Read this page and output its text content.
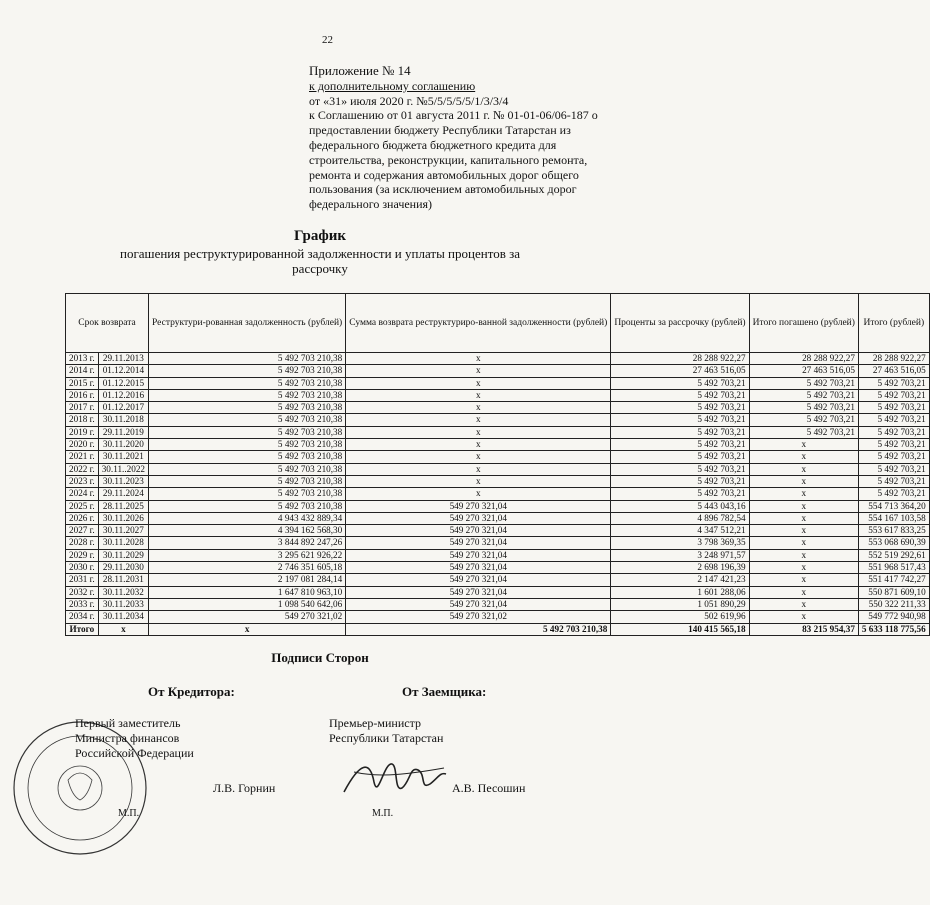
22
Приложение № 14
к дополнительному соглашению
от «31» июля 2020 г. №5/5/5/5/5/1/3/3/4
к Соглашению от 01 августа 2011 г. № 01-01-06/06-187 о предоставлении бюджету Республики Татарстан из федерального бюджета бюджетного кредита для строительства, реконструкции, капитального ремонта, ремонта и содержания автомобильных дорог общего пользования (за исключением автомобильных дорог федерального значения)
График
погашения реструктурированной задолженности и уплаты процентов за рассрочку
Срок возврата		Реструктури-рованная задолженность (рублей)	Сумма возврата реструктуриро-ванной задолженности (рублей)	Проценты за рассрочку (рублей)	Итого погашено (рублей)	Итого (рублей)
2013 г.	29.11.2013	5 492 703 210,38	x	28 288 922,27	28 288 922,27	28 288 922,27
2014 г.	01.12.2014	5 492 703 210,38	x	27 463 516,05	27 463 516,05	27 463 516,05
2015 г.	01.12.2015	5 492 703 210,38	x	5 492 703,21	5 492 703,21	5 492 703,21
2016 г.	01.12.2016	5 492 703 210,38	x	5 492 703,21	5 492 703,21	5 492 703,21
2017 г.	01.12.2017	5 492 703 210,38	x	5 492 703,21	5 492 703,21	5 492 703,21
2018 г.	30.11.2018	5 492 703 210,38	x	5 492 703,21	5 492 703,21	5 492 703,21
2019 г.	29.11.2019	5 492 703 210,38	x	5 492 703,21	5 492 703,21	5 492 703,21
2020 г.	30.11.2020	5 492 703 210,38	x	5 492 703,21	x	5 492 703,21
2021 г.	30.11.2021	5 492 703 210,38	x	5 492 703,21	x	5 492 703,21
2022 г.	30.11..2022	5 492 703 210,38	x	5 492 703,21	x	5 492 703,21
2023 г.	30.11.2023	5 492 703 210,38	x	5 492 703,21	x	5 492 703,21
2024 г.	29.11.2024	5 492 703 210,38	x	5 492 703,21	x	5 492 703,21
2025 г.	28.11.2025	5 492 703 210,38	549 270 321,04	5 443 043,16	x	554 713 364,20
2026 г.	30.11.2026	4 943 432 889,34	549 270 321,04	4 896 782,54	x	554 167 103,58
2027 г.	30.11.2027	4 394 162 568,30	549 270 321,04	4 347 512,21	x	553 617 833,25
2028 г.	30.11.2028	3 844 892 247,26	549 270 321,04	3 798 369,35	x	553 068 690,39
2029 г.	30.11.2029	3 295 621 926,22	549 270 321,04	3 248 971,57	x	552 519 292,61
2030 г.	29.11.2030	2 746 351 605,18	549 270 321,04	2 698 196,39	x	551 968 517,43
2031 г.	28.11.2031	2 197 081 284,14	549 270 321,04	2 147 421,23	x	551 417 742,27
2032 г.	30.11.2032	1 647 810 963,10	549 270 321,04	1 601 288,06	x	550 871 609,10
2033 г.	30.11.2033	1 098 540 642,06	549 270 321,04	1 051 890,29	x	550 322 211,33
2034 г.	30.11.2034	549 270 321,02	549 270 321,02	502 619,96	x	549 772 940,98
Итого	x	x	5 492 703 210,38	140 415 565,18	83 215 954,37	5 633 118 775,56
Подписи Сторон
От Кредитора:	От Заемщика:
Первый заместитель
Министра финансов
Российской Федерации
Л.В. Горнин
М.П.
Премьер-министр
Республики Татарстан
А.В. Песошин
М.П.
